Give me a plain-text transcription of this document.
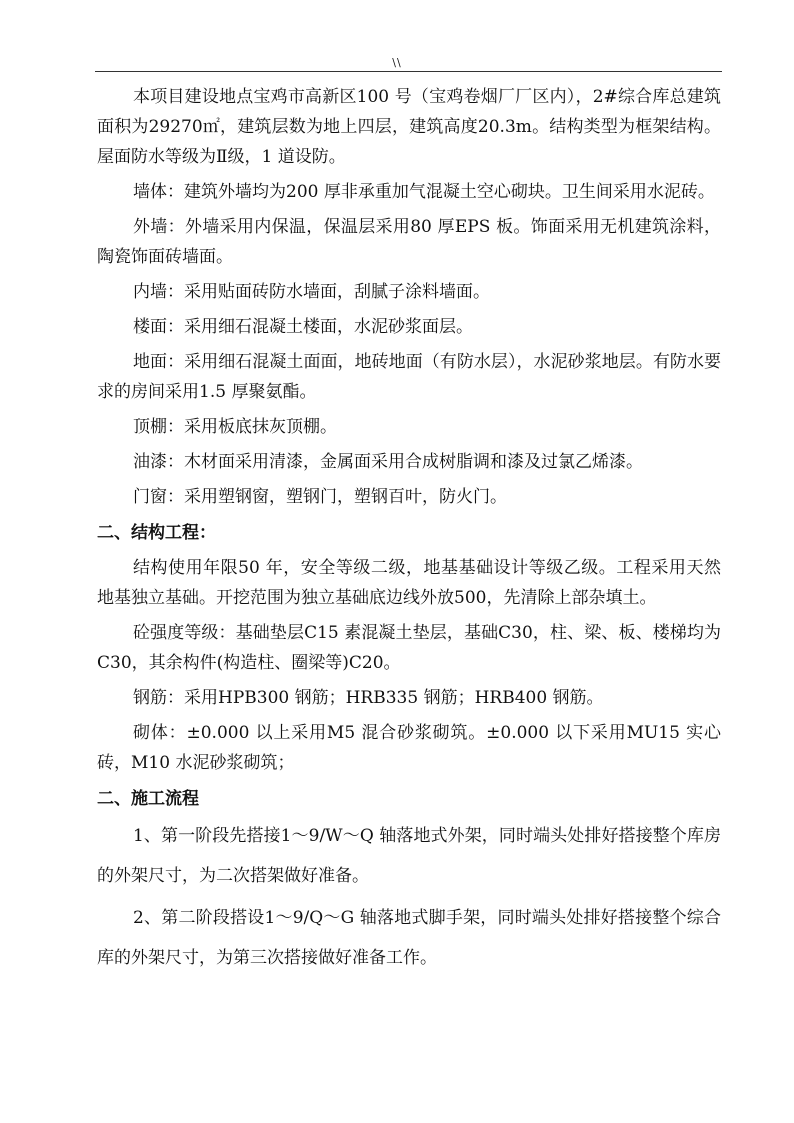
\\

本项目建设地点宝鸡市高新区100 号（宝鸡卷烟厂厂区内），2#综合库总建筑面积为29270㎡，建筑层数为地上四层，建筑高度20.3m。结构类型为框架结构。屋面防水等级为Ⅱ级，1 道设防。

墙体：建筑外墙均为200 厚非承重加气混凝土空心砌块。卫生间采用水泥砖。

外墙：外墙采用内保温，保温层采用80 厚EPS 板。饰面采用无机建筑涂料，陶瓷饰面砖墙面。

内墙：采用贴面砖防水墙面，刮腻子涂料墙面。

楼面：采用细石混凝土楼面，水泥砂浆面层。

地面：采用细石混凝土面面，地砖地面（有防水层），水泥砂浆地层。有防水要求的房间采用1.5 厚聚氨酯。

顶棚：采用板底抹灰顶棚。

油漆：木材面采用清漆，金属面采用合成树脂调和漆及过氯乙烯漆。

门窗：采用塑钢窗，塑钢门，塑钢百叶，防火门。

二、结构工程：

结构使用年限50 年，安全等级二级，地基基础设计等级乙级。工程采用天然地基独立基础。开挖范围为独立基础底边线外放500，先清除上部杂填土。

砼强度等级：基础垫层C15 素混凝土垫层，基础C30，柱、梁、板、楼梯均为C30，其余构件(构造柱、圈梁等)C20。

钢筋：采用HPB300 钢筋；HRB335 钢筋；HRB400 钢筋。

砌体：±0.000 以上采用M5 混合砂浆砌筑。±0.000 以下采用MU15 实心砖，M10 水泥砂浆砌筑；

二、施工流程

1、第一阶段先搭接1～9/W～Q 轴落地式外架，同时端头处排好搭接整个库房的外架尺寸，为二次搭架做好准备。

2、第二阶段搭设1～9/Q～G 轴落地式脚手架，同时端头处排好搭接整个综合库的外架尺寸，为第三次搭接做好准备工作。
